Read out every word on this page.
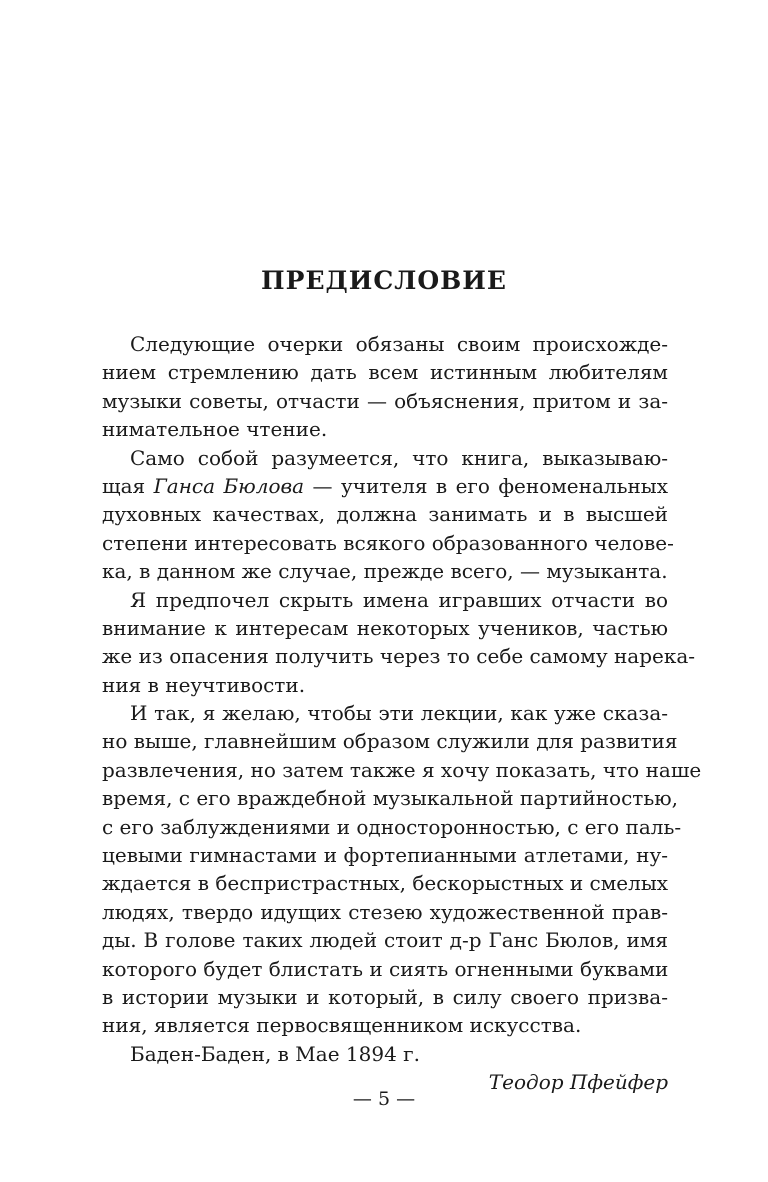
ПРЕДИСЛОВИЕ
Следующие очерки обязаны своим происхожде-
нием стремлению дать всем истинным любителям
музыки советы, отчасти — объяснения, притом и за-
нимательное чтение.
Само собой разумеется, что книга, выказываю-
щая Ганса Бюлова — учителя в его феноменальных
духовных качествах, должна занимать и в высшей
степени интересовать всякого образованного челове-
ка, в данном же случае, прежде всего, — музыканта.
Я предпочел скрыть имена игравших отчасти во
внимание к интересам некоторых учеников, частью
же из опасения получить через то себе самому нарека-
ния в неучтивости.
И так, я желаю, чтобы эти лекции, как уже сказа-
но выше, главнейшим образом служили для развития
развлечения, но затем также я хочу показать, что наше
время, с его враждебной музыкальной партийностью,
с его заблуждениями и односторонностью, с его паль-
цевыми гимнастами и фортепианными атлетами, ну-
ждается в беспристрастных, бескорыстных и смелых
людях, твердо идущих стезею художественной прав-
ды. В голове таких людей стоит д-р Ганс Бюлов, имя
которого будет блистать и сиять огненными буквами
в истории музыки и который, в силу своего призва-
ния, является первосвященником искусства.
Баден-Баден, в Мае 1894 г.
Теодор Пфейфер

— 5 —
